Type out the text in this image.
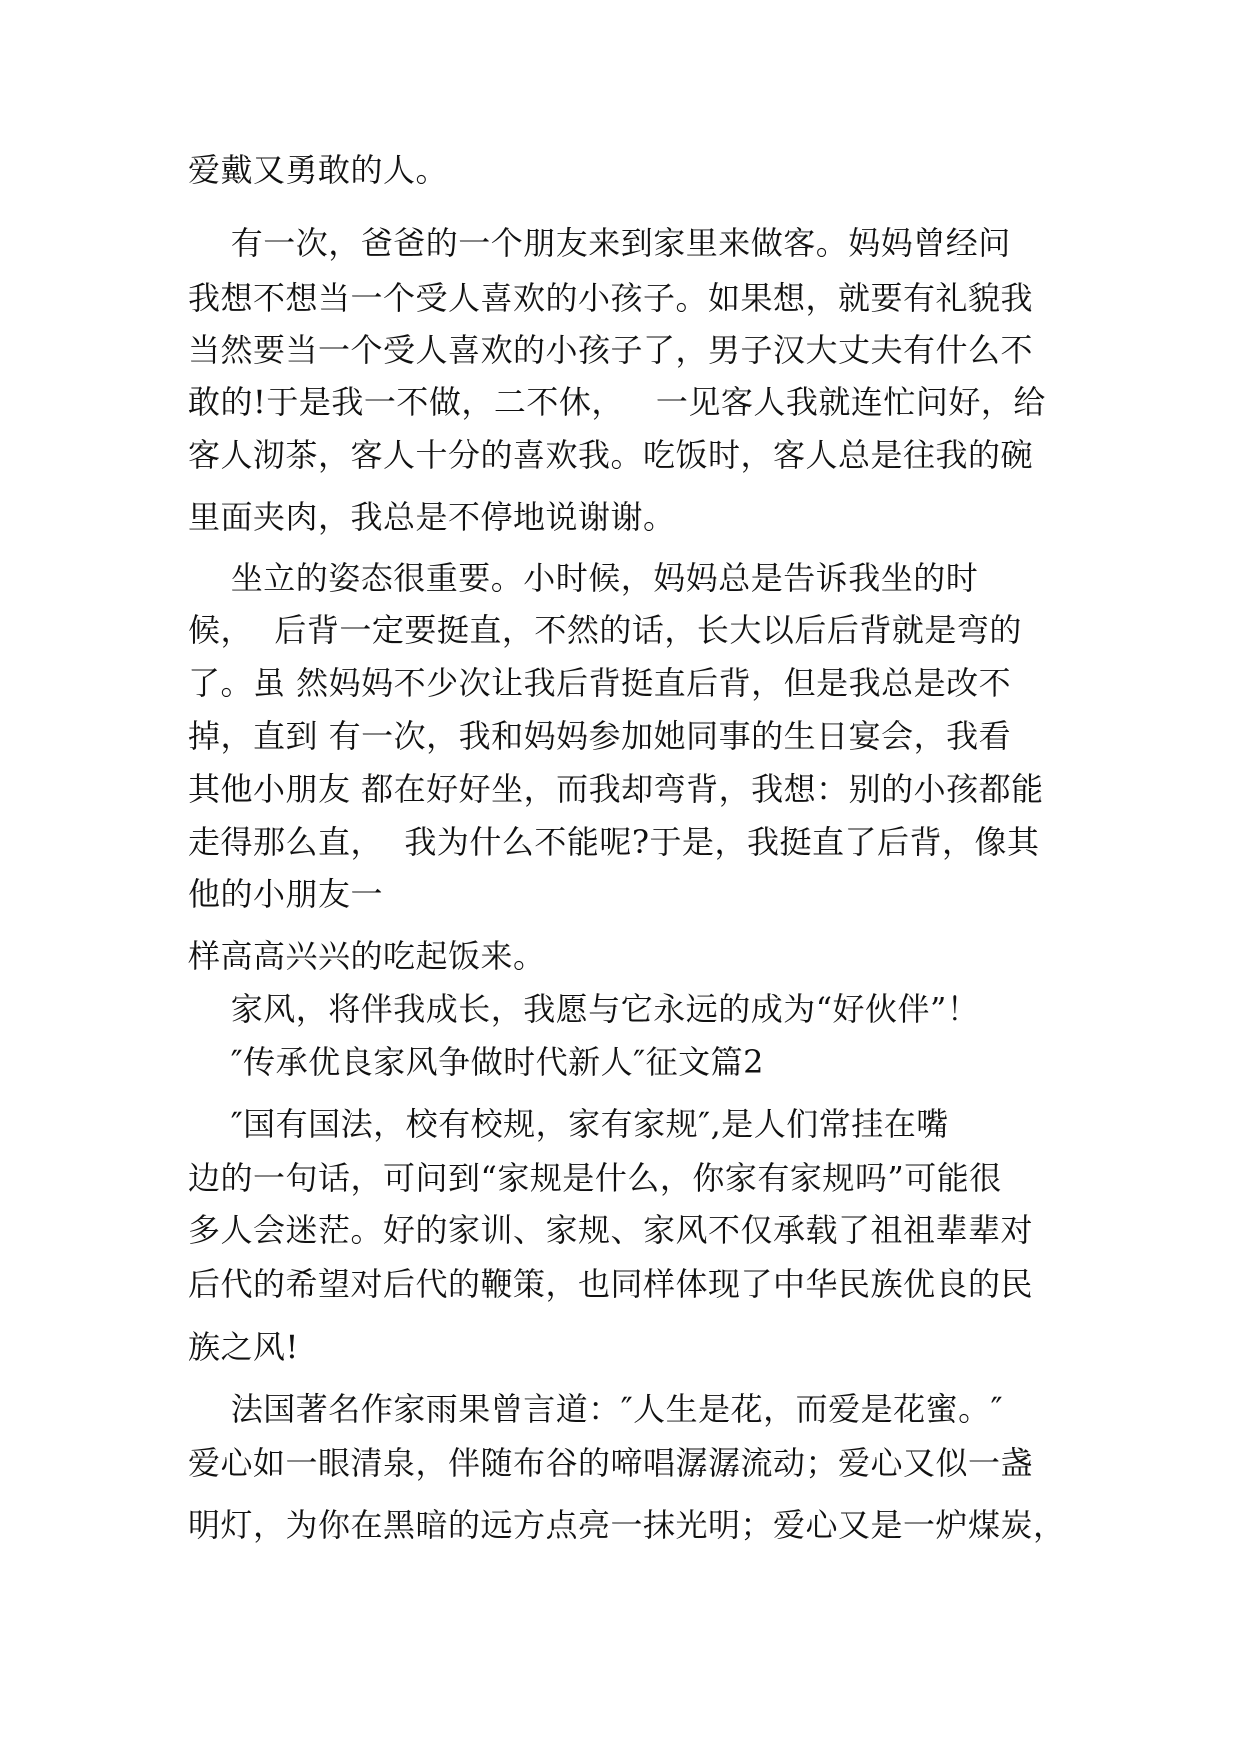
爱戴又勇敢的人。
有一次，爸爸的一个朋友来到家里来做客。妈妈曾经问
我想不想当一个受人喜欢的小孩子。如果想，就要有礼貌我
当然要当一个受人喜欢的小孩子了，男子汉大丈夫有什么不
敢的!于是我一不做，二不休，   一见客人我就连忙问好，给
客人沏茶，客人十分的喜欢我。吃饭时，客人总是往我的碗
里面夹肉，我总是不停地说谢谢。
坐立的姿态很重要。小时候，妈妈总是告诉我坐的时
候，  后背一定要挺直，不然的话，长大以后后背就是弯的
了。虽 然妈妈不少次让我后背挺直后背，但是我总是改不
掉，直到 有一次，我和妈妈参加她同事的生日宴会，我看
其他小朋友 都在好好坐，而我却弯背，我想：别的小孩都能
走得那么直，  我为什么不能呢?于是，我挺直了后背，像其
他的小朋友一
样高高兴兴的吃起饭来。
家风，将伴我成长，我愿与它永远的成为“好伙伴”！
″传承优良家风争做时代新人″征文篇2
″国有国法，校有校规，家有家规″,是人们常挂在嘴
边的一句话，可问到“家规是什么，你家有家规吗”可能很
多人会迷茫。好的家训、家规、家风不仅承载了祖祖辈辈对
后代的希望对后代的鞭策，也同样体现了中华民族优良的民
族之风!
法国著名作家雨果曾言道：″人生是花，而爱是花蜜。″
爱心如一眼清泉，伴随布谷的啼唱潺潺流动；爱心又似一盏
明灯，为你在黑暗的远方点亮一抹光明；爱心又是一炉煤炭，
